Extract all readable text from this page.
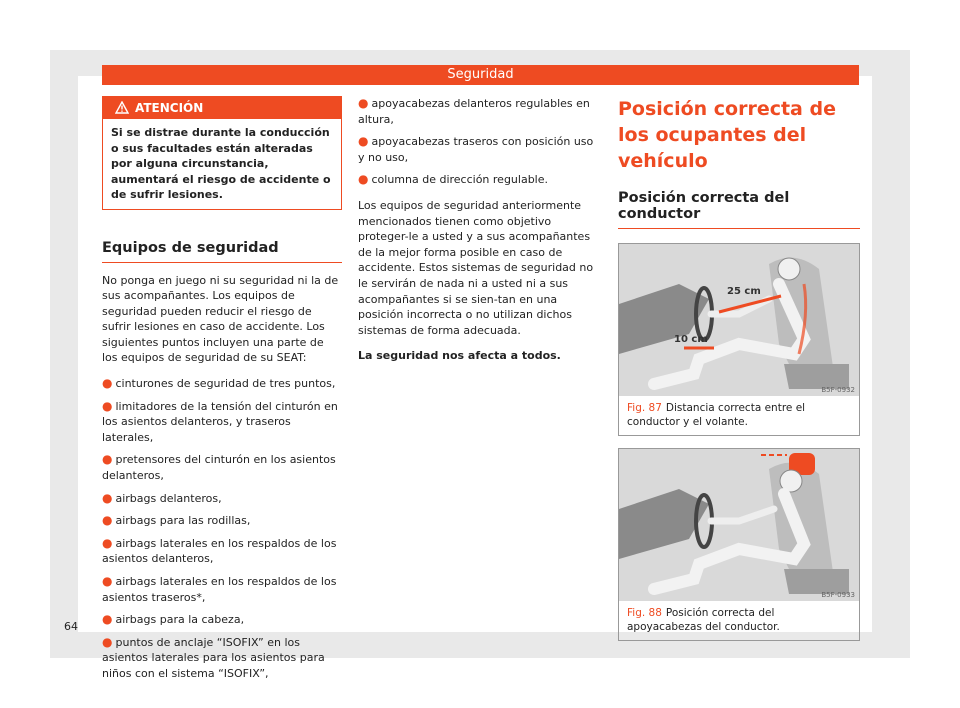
Seguridad
ATENCIÓN
Si se distrae durante la conducción o sus facultades están alteradas por alguna circunstancia, aumentará el riesgo de accidente o de sufrir lesiones.
Equipos de seguridad

No ponga en juego ni su seguridad ni la de sus acompañantes. Los equipos de seguridad pueden reducir el riesgo de sufrir lesiones en caso de accidente. Los siguientes puntos incluyen una parte de los equipos de seguridad de su SEAT:

● cinturones de seguridad de tres puntos,
● limitadores de la tensión del cinturón en los asientos delanteros, y traseros laterales,
● pretensores del cinturón en los asientos delanteros,
● airbags delanteros,
● airbags para las rodillas,
● airbags laterales en los respaldos de los asientos delanteros,
● airbags laterales en los respaldos de los asientos traseros*,
● airbags para la cabeza,
● puntos de anclaje “ISOFIX” en los asientos laterales para los asientos para niños con el sistema “ISOFIX”,
● apoyacabezas delanteros regulables en altura,
● apoyacabezas traseros con posición uso y no uso,
● columna de dirección regulable.

Los equipos de seguridad anteriormente mencionados tienen como objetivo proteger-le a usted y a sus acompañantes de la mejor forma posible en caso de accidente. Estos sistemas de seguridad no le servirán de nada ni a usted ni a sus acompañantes si se sien-tan en una posición incorrecta o no utilizan dichos sistemas de forma adecuada.

La seguridad nos afecta a todos.

Posición correcta de los ocupantes del vehículo
Posición correcta del conductor
25 cm
10 cm
B5F-0932
Fig. 87 Distancia correcta entre el conductor y el volante.
B5F-0933
Fig. 88 Posición correcta del apoyacabezas del conductor.
64
